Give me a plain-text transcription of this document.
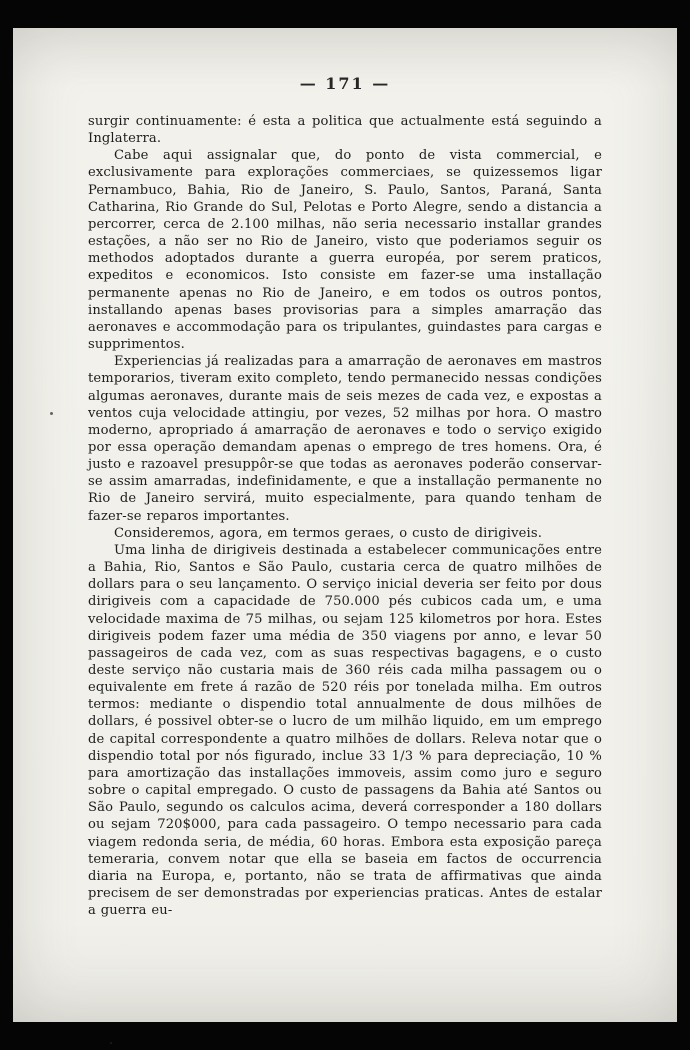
— 171 —

surgir continuamente: é esta a politica que actualmente está seguindo a Inglaterra.

Cabe aqui assignalar que, do ponto de vista commercial, e exclusivamente para explorações commerciaes, se quizessemos ligar Pernambuco, Bahia, Rio de Janeiro, S. Paulo, Santos, Paraná, Santa Catharina, Rio Grande do Sul, Pelotas e Porto Alegre, sendo a distancia a percorrer, cerca de 2.100 milhas, não seria necessario installar grandes estações, a não ser no Rio de Janeiro, visto que poderiamos seguir os methodos adoptados durante a guerra européa, por serem praticos, expeditos e economicos. Isto consiste em fazer-se uma installação permanente apenas no Rio de Janeiro, e em todos os outros pontos, installando apenas bases provisorias para a simples amarração das aeronaves e accommodação para os tripulantes, guindastes para cargas e supprimentos.

Experiencias já realizadas para a amarração de aeronaves em mastros temporarios, tiveram exito completo, tendo permanecido nessas condições algumas aeronaves, durante mais de seis mezes de cada vez, e expostas a ventos cuja velocidade attingiu, por vezes, 52 milhas por hora. O mastro moderno, apropriado á amarração de aeronaves e todo o serviço exigido por essa operação demandam apenas o emprego de tres homens. Ora, é justo e razoavel presuppôr-se que todas as aeronaves poderão conservar-se assim amarradas, indefinidamente, e que a installação permanente no Rio de Janeiro servirá, muito especialmente, para quando tenham de fazer-se reparos importantes.

Consideremos, agora, em termos geraes, o custo de dirigiveis.

Uma linha de dirigiveis destinada a estabelecer communicações entre a Bahia, Rio, Santos e São Paulo, custaria cerca de quatro milhões de dollars para o seu lançamento. O serviço inicial deveria ser feito por dous dirigiveis com a capacidade de 750.000 pés cubicos cada um, e uma velocidade maxima de 75 milhas, ou sejam 125 kilometros por hora. Estes dirigiveis podem fazer uma média de 350 viagens por anno, e levar 50 passageiros de cada vez, com as suas respectivas bagagens, e o custo deste serviço não custaria mais de 360 réis cada milha passagem ou o equivalente em frete á razão de 520 réis por tonelada milha. Em outros termos: mediante o dispendio total annualmente de dous milhões de dollars, é possivel obter-se o lucro de um milhão liquido, em um emprego de capital correspondente a quatro milhões de dollars. Releva notar que o dispendio total por nós figurado, inclue 33 1/3 % para depreciação, 10 % para amortização das installações immoveis, assim como juro e seguro sobre o capital empregado. O custo de passagens da Bahia até Santos ou São Paulo, segundo os calculos acima, deverá corresponder a 180 dollars ou sejam 720$000, para cada passageiro. O tempo necessario para cada viagem redonda seria, de média, 60 horas. Embora esta exposição pareça temeraria, convem notar que ella se baseia em factos de occurrencia diaria na Europa, e, portanto, não se trata de affirmativas que ainda precisem de ser demonstradas por experiencias praticas. Antes de estalar a guerra eu-
